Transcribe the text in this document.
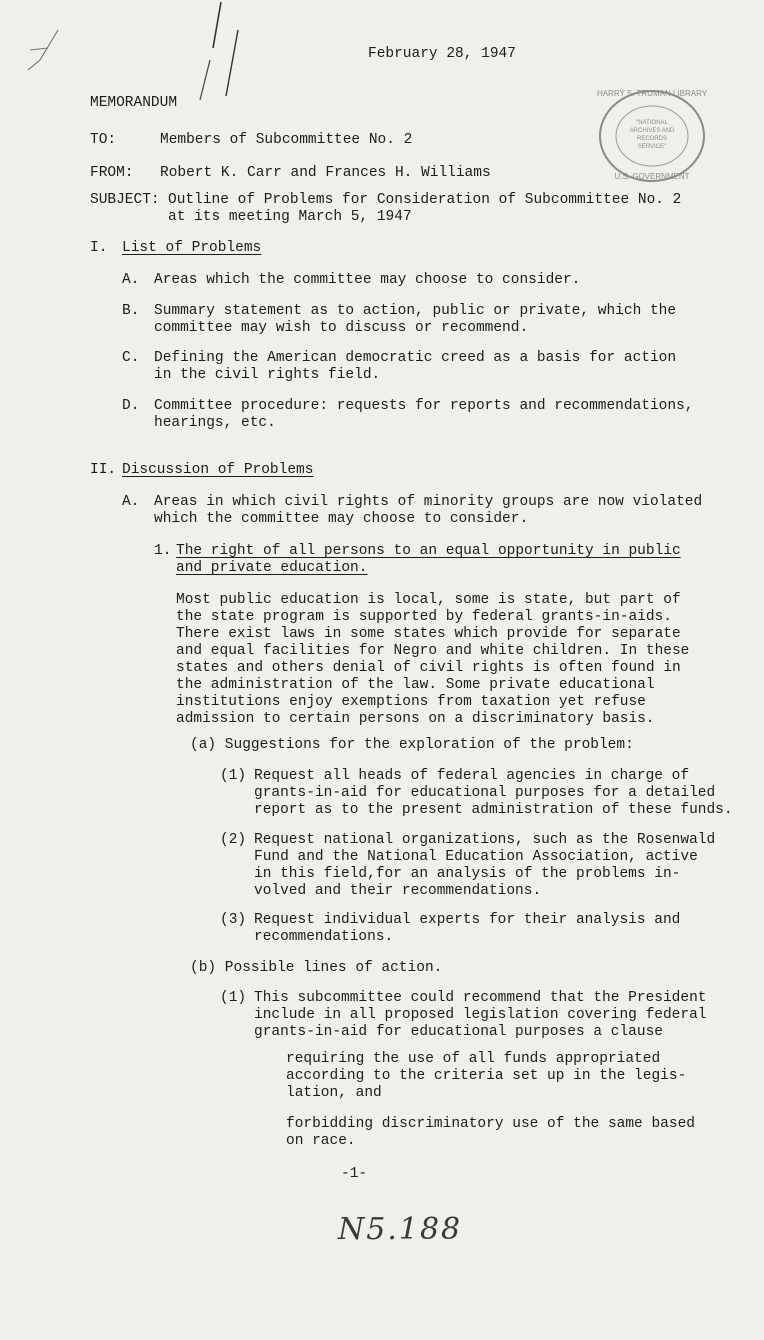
February 28, 1947
MEMORANDUM
HARRY S. TRUMAN LIBRARY
"NATIONAL
ARCHIVES AND
RECORDS
SERVICE"
U.S. GOVERNMENT
TO:	Members of Subcommittee No. 2
FROM: Robert K. Carr and Frances H. Williams
SUBJECT: Outline of Problems for Consideration of Subcommittee No. 2
at its meeting March 5, 1947
I. List of Problems
A. Areas which the committee may choose to consider.
B. Summary statement as to action, public or private, which the
committee may wish to discuss or recommend.
C. Defining the American democratic creed as a basis for action
in the civil rights field.
D. Committee procedure: requests for reports and recommendations,
hearings, etc.
II. Discussion of Problems
A. Areas in which civil rights of minority groups are now violated
which the committee may choose to consider.
1. The right of all persons to an equal opportunity in public
and private education.
Most public education is local, some is state, but part of
the state program is supported by federal grants-in-aids.
There exist laws in some states which provide for separate
and equal facilities for Negro and white children. In these
states and others denial of civil rights is often found in
the administration of the law. Some private educational
institutions enjoy exemptions from taxation yet refuse
admission to certain persons on a discriminatory basis.
(a) Suggestions for the exploration of the problem:
(1) Request all heads of federal agencies in charge of
grants-in-aid for educational purposes for a detailed
report as to the present administration of these funds.
(2) Request national organizations, such as the Rosenwald
Fund and the National Education Association, active
in this field,for an analysis of the problems in-
volved and their recommendations.
(3) Request individual experts for their analysis and
recommendations.
(b) Possible lines of action.
(1) This subcommittee could recommend that the President
include in all proposed legislation covering federal
grants-in-aid for educational purposes a clause
requiring the use of all funds appropriated
according to the criteria set up in the legis-
lation, and
forbidding discriminatory use of the same based
on race.
-1-
N5.188
